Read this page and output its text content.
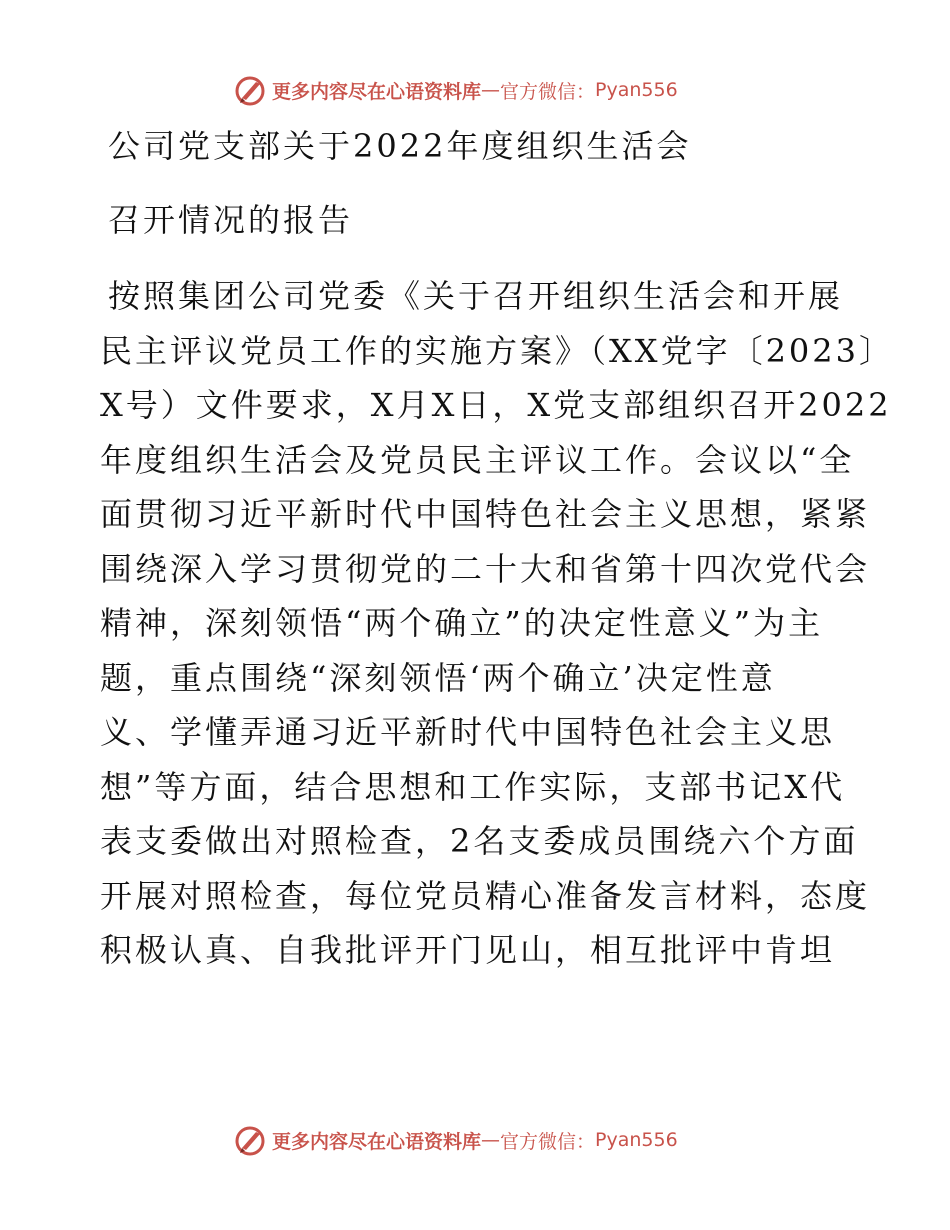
更多内容尽在心语资料库 — 官方微信： Pyan556
公司党支部关于2022年度组织生活会
召开情况的报告
按照集团公司党委《关于召开组织生活会和开展
民主评议党员工作的实施方案》（XX党字〔2023〕
X号）文件要求，X月X日，X党支部组织召开2022
年度组织生活会及党员民主评议工作。会议以“全
面贯彻习近平新时代中国特色社会主义思想，紧紧
围绕深入学习贯彻党的二十大和省第十四次党代会
精神，深刻领悟“两个确立”的决定性意义”为主
题，重点围绕“深刻领悟‘两个确立’决定性意
义、学懂弄通习近平新时代中国特色社会主义思
想”等方面，结合思想和工作实际，支部书记X代
表支委做出对照检查，2名支委成员围绕六个方面
开展对照检查，每位党员精心准备发言材料，态度
积极认真、自我批评开门见山，相互批评中肯坦
更多内容尽在心语资料库 — 官方微信： Pyan556
